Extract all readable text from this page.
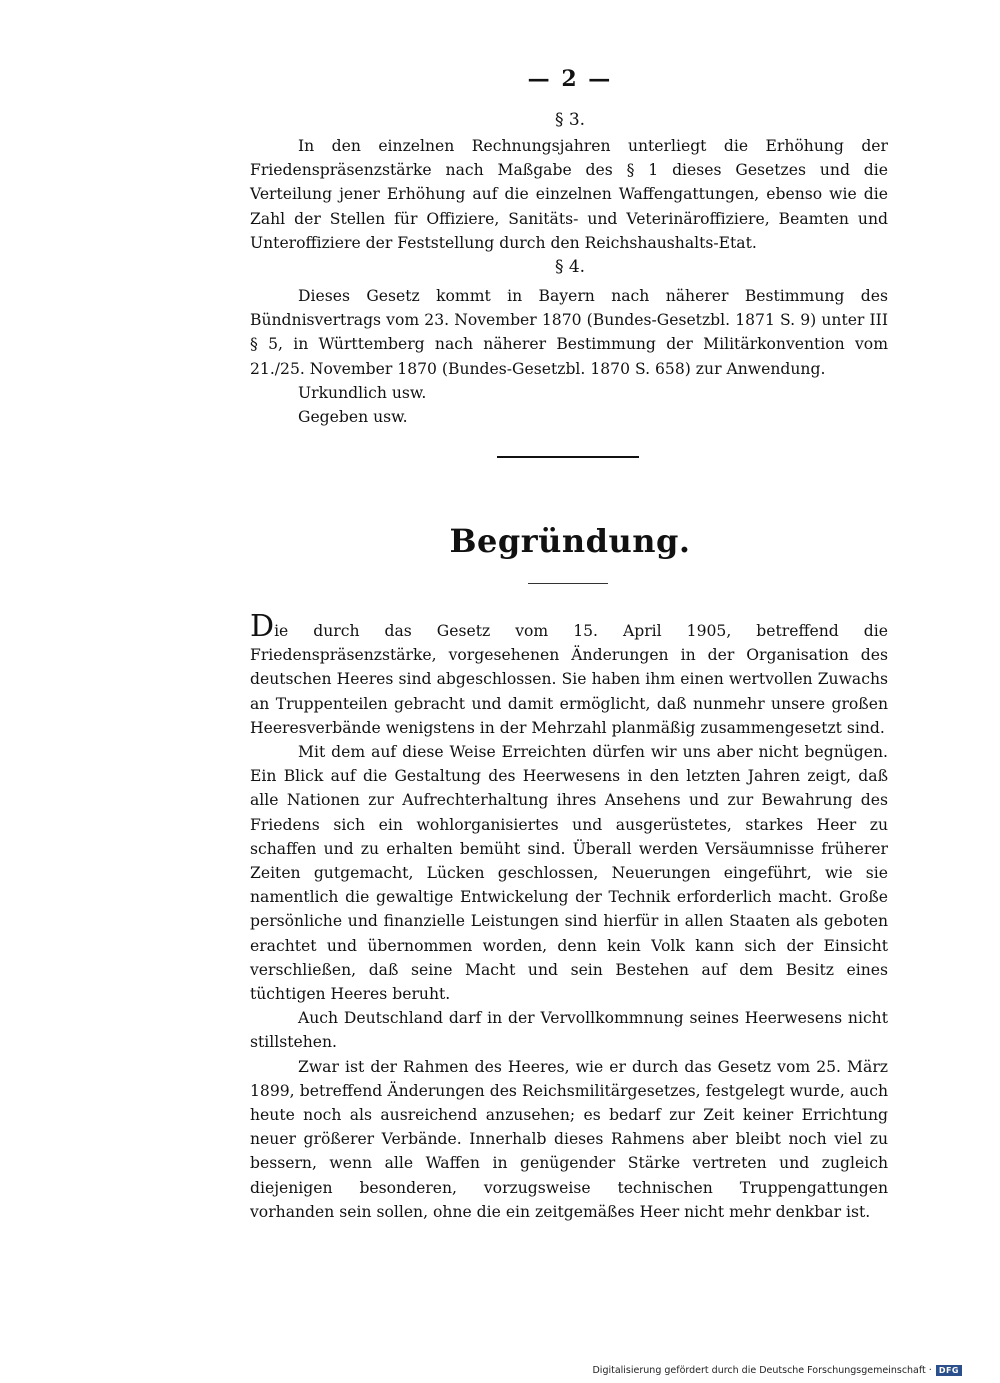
— 2 —
§ 3.

In den einzelnen Rechnungsjahren unterliegt die Erhöhung der Friedenspräsenzstärke nach Maßgabe des § 1 dieses Gesetzes und die Verteilung jener Erhöhung auf die einzelnen Waffengattungen, ebenso wie die Zahl der Stellen für Offiziere, Sanitäts- und Veterinäroffiziere, Beamten und Unteroffiziere der Feststellung durch den Reichshaushalts-Etat.

§ 4.

Dieses Gesetz kommt in Bayern nach näherer Bestimmung des Bündnisvertrags vom 23. November 1870 (Bundes-Gesetzbl. 1871 S. 9) unter III § 5, in Württemberg nach näherer Bestimmung der Militärkonvention vom 21./25. November 1870 (Bundes-Gesetzbl. 1870 S. 658) zur Anwendung.

Urkundlich usw.

Gegeben usw.

Begründung.

Die durch das Gesetz vom 15. April 1905, betreffend die Friedenspräsenzstärke, vorgesehenen Änderungen in der Organisation des deutschen Heeres sind abgeschlossen. Sie haben ihm einen wertvollen Zuwachs an Truppenteilen gebracht und damit ermöglicht, daß nunmehr unsere großen Heeresverbände wenigstens in der Mehrzahl planmäßig zusammengesetzt sind.

Mit dem auf diese Weise Erreichten dürfen wir uns aber nicht begnügen. Ein Blick auf die Gestaltung des Heerwesens in den letzten Jahren zeigt, daß alle Nationen zur Aufrechterhaltung ihres Ansehens und zur Bewahrung des Friedens sich ein wohlorganisiertes und ausgerüstetes, starkes Heer zu schaffen und zu erhalten bemüht sind. Überall werden Versäumnisse früherer Zeiten gutgemacht, Lücken geschlossen, Neuerungen eingeführt, wie sie namentlich die gewaltige Entwickelung der Technik erforderlich macht. Große persönliche und finanzielle Leistungen sind hierfür in allen Staaten als geboten erachtet und übernommen worden, denn kein Volk kann sich der Einsicht verschließen, daß seine Macht und sein Bestehen auf dem Besitz eines tüchtigen Heeres beruht.

Auch Deutschland darf in der Vervollkommnung seines Heerwesens nicht stillstehen.

Zwar ist der Rahmen des Heeres, wie er durch das Gesetz vom 25. März 1899, betreffend Änderungen des Reichsmilitärgesetzes, festgelegt wurde, auch heute noch als ausreichend anzusehen; es bedarf zur Zeit keiner Errichtung neuer größerer Verbände. Innerhalb dieses Rahmens aber bleibt noch viel zu bessern, wenn alle Waffen in genügender Stärke vertreten und zugleich diejenigen besonderen, vorzugsweise technischen Truppengattungen vorhanden sein sollen, ohne die ein zeitgemäßes Heer nicht mehr denkbar ist.

Digitalisierung gefördert durch die Deutsche Forschungsgemeinschaft · DFG
